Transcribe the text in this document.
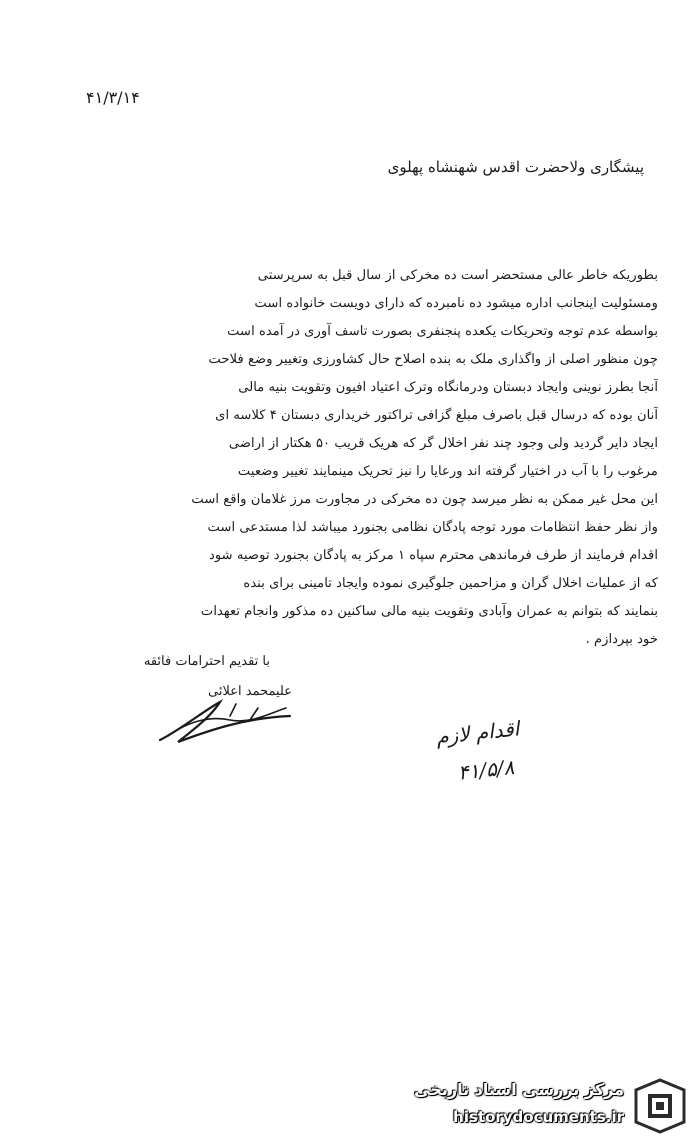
۴۱/۳/۱۴
پیشگاری ولاحضرت اقدس شهنشاه پهلوی
بطوریکه خاطر عالی مستحضر است ده مخرکی از سال قبل به سرپرستی
ومسئولیت اینجانب اداره میشود ده نامبرده که دارای دویست خانواده است
بواسطه عدم توجه وتحریکات یکعده پنجنفری بصورت تاسف آوری در آمده است
چون منظور اصلی از واگذاری ملک به بنده اصلاح حال کشاورزی وتغییر وضع فلاحت
آنجا بطرز نوینی وایجاد دبستان ودرمانگاه وترک اعتیاد افیون وتقویت بنیه مالی
آنان بوده که درسال قبل باصرف مبلغ گزافی تراکتور خریداری دبستان ۴ کلاسه ای
ایجاد دایر گردید ولی وجود چند نفر اخلال گر که هریک قریب ۵۰ هکتار از اراضی
مرغوب را با آب در اختیار گرفته اند ورعایا را نیز تحریک مینمایند تغییر وضعیت
این محل غیر ممکن به نظر میرسد چون ده مخرکی در مجاورت مرز غلامان واقع است
واز نظر حفظ انتظامات مورد توجه پادگان نظامی بجنورد میباشد لذا مستدعی است
اقدام فرمایند از طرف فرماندهی محترم سپاه ۱ مرکز به پادگان بجنورد توصیه شود
که از عملیات اخلال گران و مزاحمین جلوگیری نموده وایجاد تامینی برای بنده
بنمایند که بتوانم به عمران وآبادی وتقویت بنیه مالی ساکنین ده مذکور وانجام تعهدات
خود بپردازم .
با تقدیم احترامات فائقه
علیمحمد اعلائی
اقدام لازم
۴۱/۵/۸
مرکز بررسی اسناد تاریخی
historydocuments.ir
